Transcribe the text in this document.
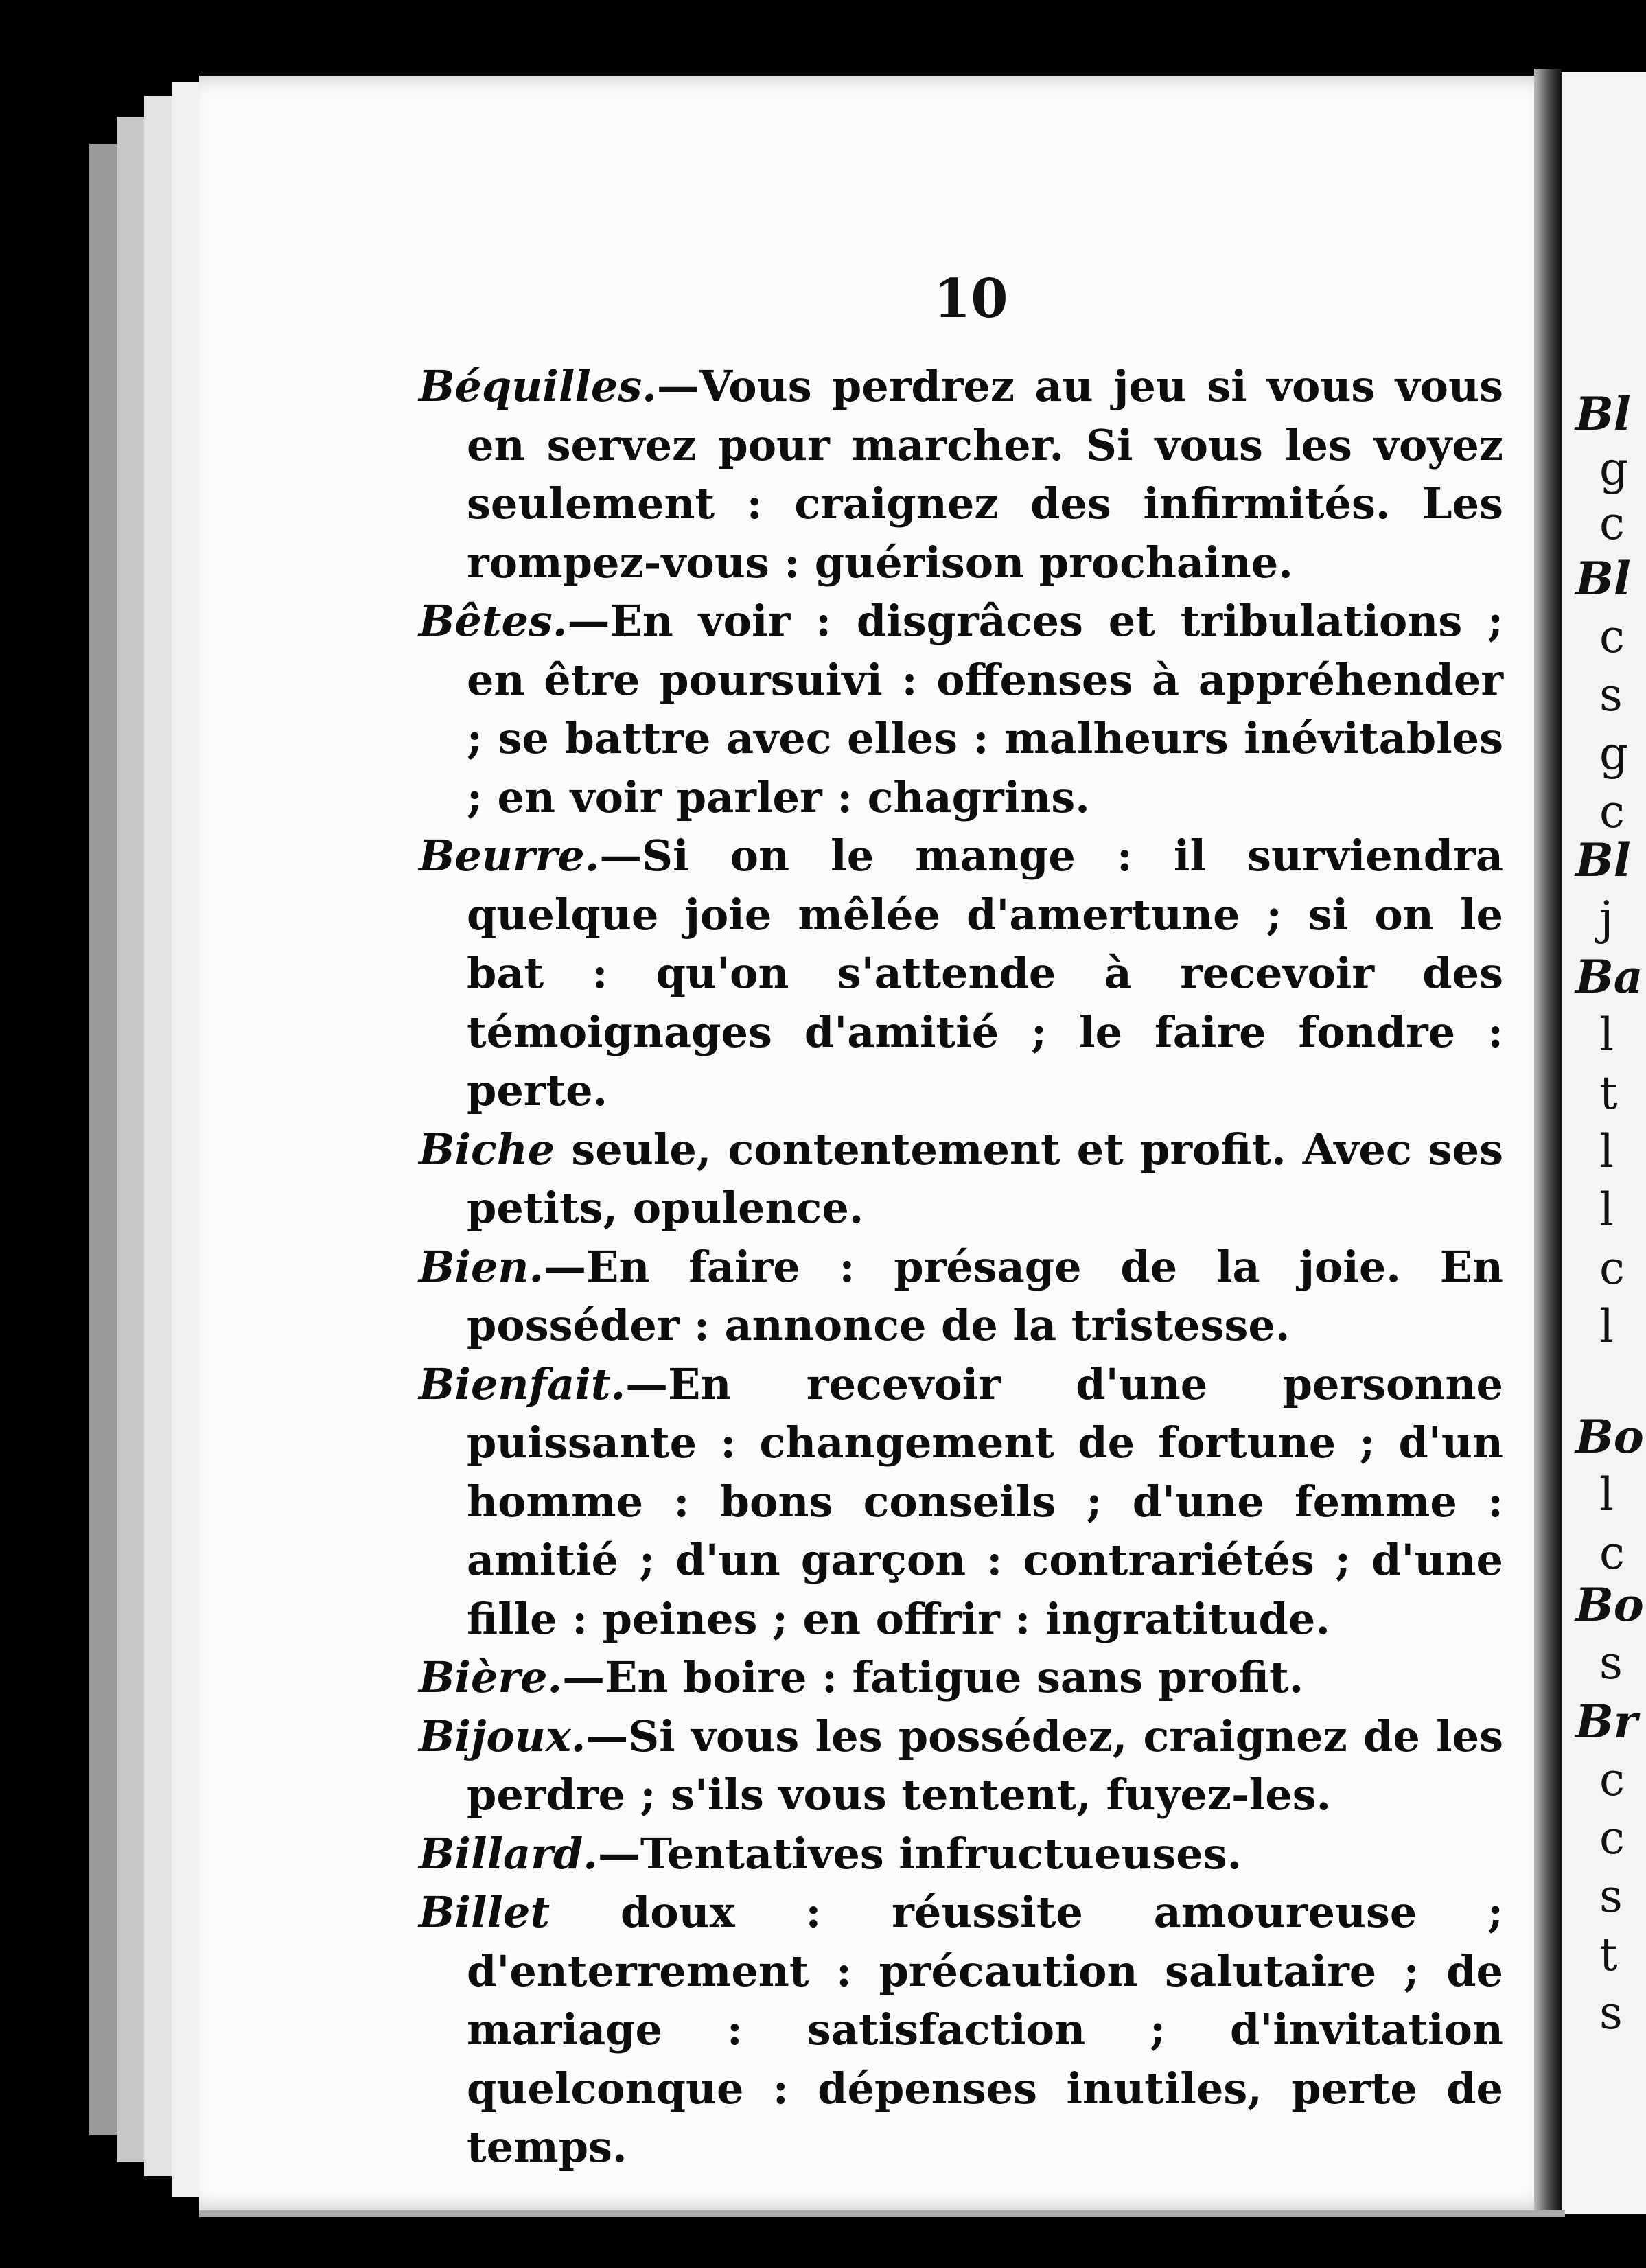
Bl
g
c
Bl
c
s
g
c
Bl
j
Ba
l
t
l
l
c
l
Bo
l
c
Bo
s
Br
c
c
s
t
s
10

Béquilles.—Vous perdrez au jeu si vous vous en servez pour marcher. Si vous les voyez seulement : craignez des infirmités. Les rompez-vous : guérison prochaine.

Bêtes.—En voir : disgrâces et tribulations ; en être poursuivi : offenses à appréhender ; se battre avec elles : malheurs inévitables ; en voir parler : chagrins.

Beurre.—Si on le mange : il surviendra quelque joie mêlée d'amertune ; si on le bat : qu'on s'attende à recevoir des témoignages d'amitié ; le faire fondre : perte.

Biche seule, contentement et profit. Avec ses petits, opulence.

Bien.—En faire : présage de la joie. En posséder : annonce de la tristesse.

Bienfait.—En recevoir d'une personne puissante : changement de fortune ; d'un homme : bons conseils ; d'une femme : amitié ; d'un garçon : contrariétés ; d'une fille : peines ; en offrir : ingratitude.

Bière.—En boire : fatigue sans profit.

Bijoux.—Si vous les possédez, craignez de les perdre ; s'ils vous tentent, fuyez-les.

Billard.—Tentatives infructueuses.

Billet doux : réussite amoureuse ; d'enterrement : précaution salutaire ; de mariage : satisfaction ; d'invitation quelconque : dépenses inutiles, perte de temps.
